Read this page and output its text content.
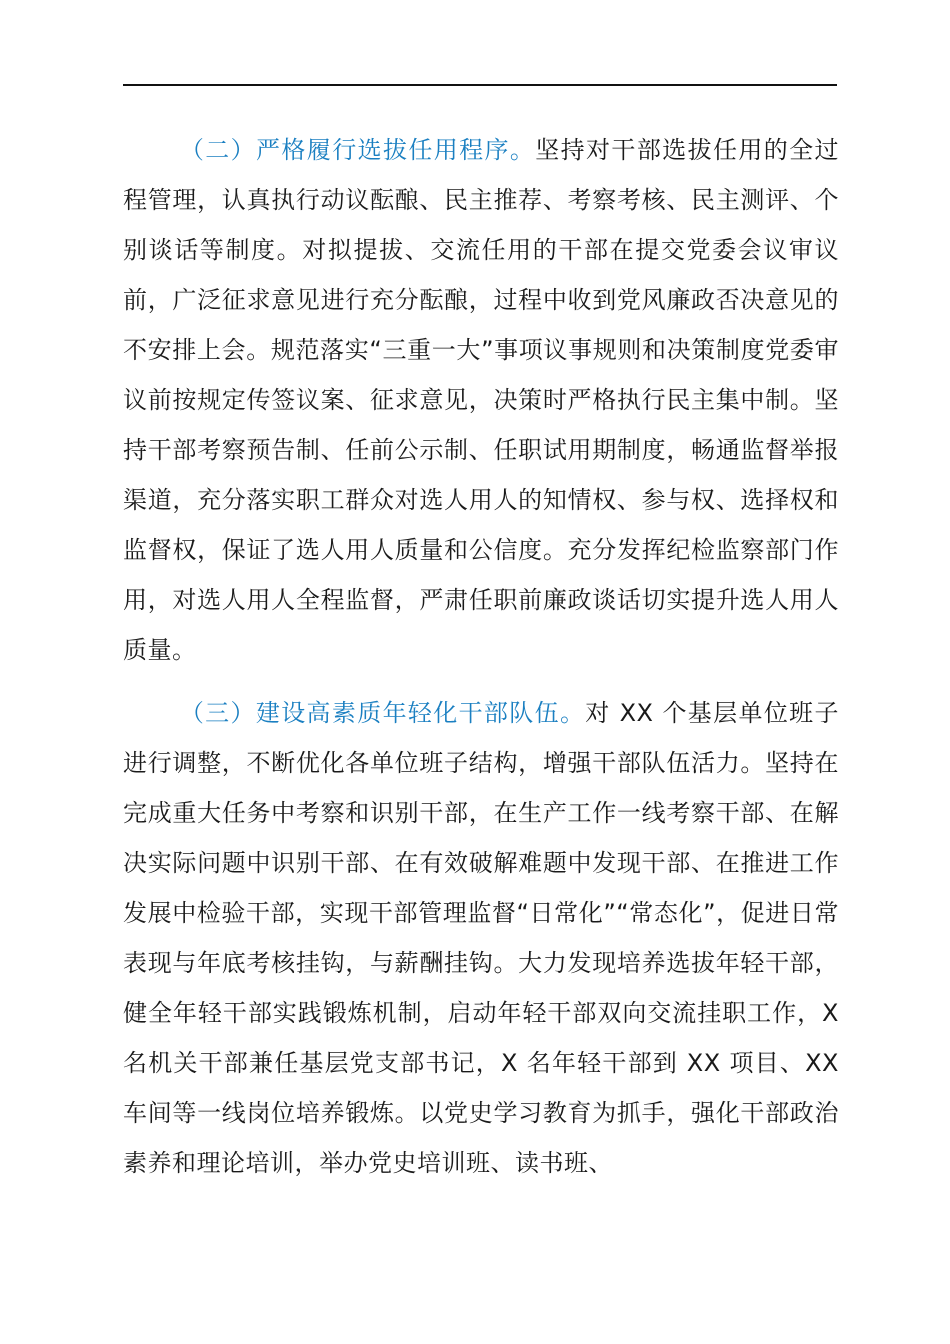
（二）严格履行选拔任用程序。坚持对干部选拔任用的全过程管理，认真执行动议酝酿、民主推荐、考察考核、民主测评、个别谈话等制度。对拟提拔、交流任用的干部在提交党委会议审议前，广泛征求意见进行充分酝酿，过程中收到党风廉政否决意见的不安排上会。规范落实“三重一大”事项议事规则和决策制度党委审议前按规定传签议案、征求意见，决策时严格执行民主集中制。坚持干部考察预告制、任前公示制、任职试用期制度，畅通监督举报渠道，充分落实职工群众对选人用人的知情权、参与权、选择权和监督权，保证了选人用人质量和公信度。充分发挥纪检监察部门作用，对选人用人全程监督，严肃任职前廉政谈话切实提升选人用人质量。
（三）建设高素质年轻化干部队伍。对 XX 个基层单位班子进行调整，不断优化各单位班子结构，增强干部队伍活力。坚持在完成重大任务中考察和识别干部，在生产工作一线考察干部、在解决实际问题中识别干部、在有效破解难题中发现干部、在推进工作发展中检验干部，实现干部管理监督“日常化”“常态化”，促进日常表现与年底考核挂钩，与薪酬挂钩。大力发现培养选拔年轻干部，健全年轻干部实践锻炼机制，启动年轻干部双向交流挂职工作，X 名机关干部兼任基层党支部书记，X 名年轻干部到 XX 项目、XX 车间等一线岗位培养锻炼。以党史学习教育为抓手，强化干部政治素养和理论培训，举办党史培训班、读书班、
